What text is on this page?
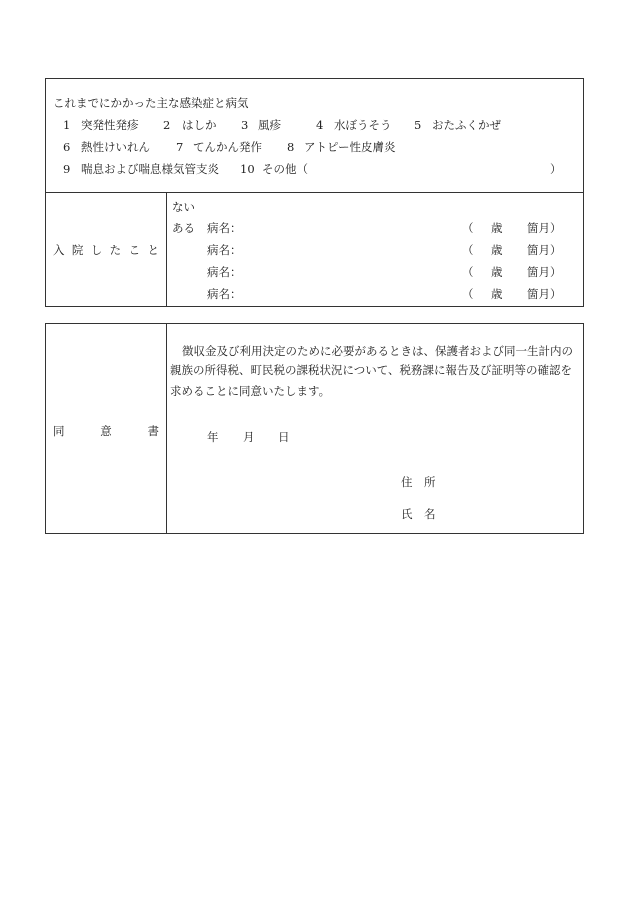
これまでにかかった主な感染症と病気
1 突発性発疹 2 はしか 3 風疹	4 水ぼうそう 5 おたふくかぜ
6 熱性けいれん 7 てんかん発作 8 アトピー性皮膚炎
9 喘息および喘息様気管支炎 10 その他（	）
入 院 し た こ と
ない
ある 病名：	（ 歳 箇月）
病名：	（ 歳 箇月）
病名：	（ 歳 箇月）
病名：	（ 歳 箇月）
同	意	書
徴収金及び利用決定のために必要があるときは、保護者および同一生計内の
親族の所得税、町民税の課税状況について、税務課に報告及び証明等の確認を
求めることに同意いたします。
年 月 日
住　所
氏　名
